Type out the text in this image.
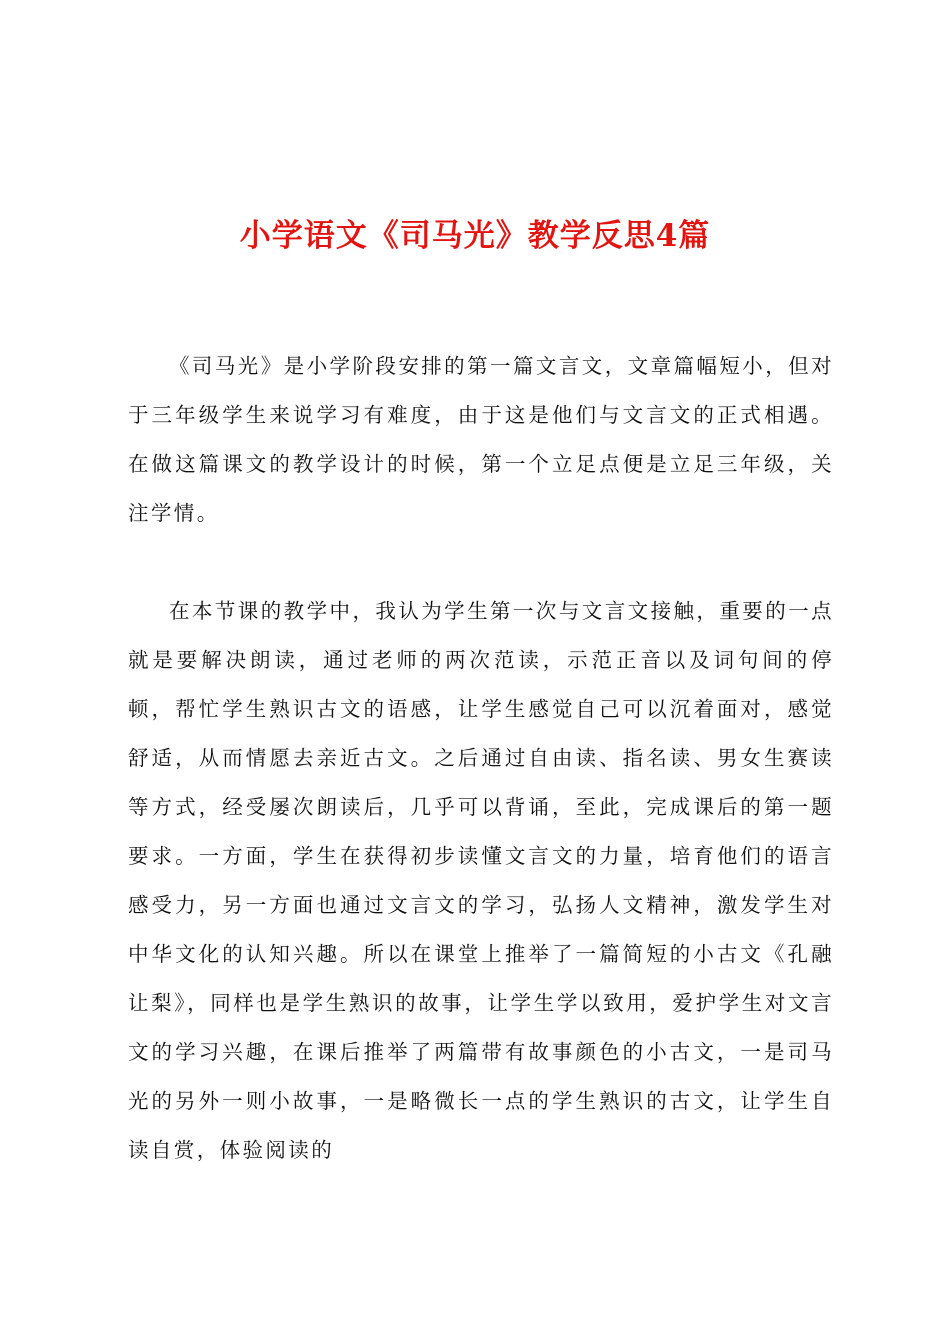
小学语文《司马光》教学反思4篇

《司马光》是小学阶段安排的第一篇文言文，文章篇幅短小，但对于三年级学生来说学习有难度，由于这是他们与文言文的正式相遇。在做这篇课文的教学设计的时候，第一个立足点便是立足三年级，关注学情。

在本节课的教学中，我认为学生第一次与文言文接触，重要的一点就是要解决朗读，通过老师的两次范读，示范正音以及词句间的停顿，帮忙学生熟识古文的语感，让学生感觉自己可以沉着面对，感觉舒适，从而情愿去亲近古文。之后通过自由读、指名读、男女生赛读等方式，经受屡次朗读后，几乎可以背诵，至此，完成课后的第一题要求。一方面，学生在获得初步读懂文言文的力量，培育他们的语言感受力，另一方面也通过文言文的学习，弘扬人文精神，激发学生对中华文化的认知兴趣。所以在课堂上推举了一篇简短的小古文《孔融让梨》，同样也是学生熟识的故事，让学生学以致用，爱护学生对文言文的学习兴趣，在课后推举了两篇带有故事颜色的小古文，一是司马光的另外一则小故事，一是略微长一点的学生熟识的古文，让学生自读自赏，体验阅读的
